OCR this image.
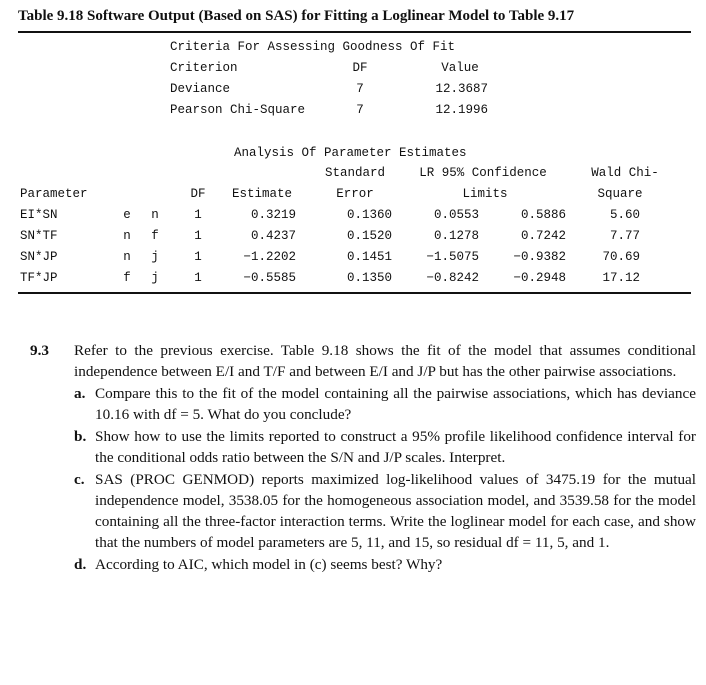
Table 9.18 Software Output (Based on SAS) for Fitting a Loglinear Model to Table 9.17
Criteria For Assessing Goodness Of Fit
Criterion	DF	Value
Deviance	7	12.3687
Pearson Chi-Square	7	12.1996
Analysis Of Parameter Estimates
Standard	LR 95% Confidence	Wald Chi-
Parameter	DF	Estimate	Error	Limits	Square
EI*SN	e n	1	0.3219	0.1360	0.0553	0.5886	5.60
SN*TF	n f	1	0.4237	0.1520	0.1278	0.7242	7.77
SN*JP	n j	1	−1.2202	0.1451	−1.5075	−0.9382	70.69
TF*JP	f j	1	−0.5585	0.1350	−0.8242	−0.2948	17.12
9.3 Refer to the previous exercise. Table 9.18 shows the fit of the model that assumes conditional independence between E/I and T/F and between E/I and J/P but has the other pairwise associations.

a. Compare this to the fit of the model containing all the pairwise associations, which has deviance 10.16 with df = 5. What do you conclude?

b. Show how to use the limits reported to construct a 95% profile likelihood confidence interval for the conditional odds ratio between the S/N and J/P scales. Interpret.

c. SAS (PROC GENMOD) reports maximized log-likelihood values of 3475.19 for the mutual independence model, 3538.05 for the homogeneous association model, and 3539.58 for the model containing all the three-factor interaction terms. Write the loglinear model for each case, and show that the numbers of model parameters are 5, 11, and 15, so residual df = 11, 5, and 1.

d. According to AIC, which model in (c) seems best? Why?
